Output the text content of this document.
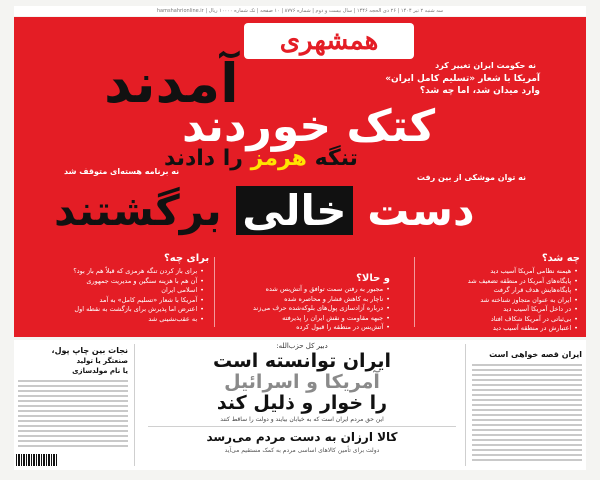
سه شنبه ۲ تیر ۱۴۰۴ | ۲۶ ذی الحجه ۱۴۴۶ | سال بیست و دوم | شماره ۸۷۷۶ | ۱۰ صفحه | تک شماره ۱۰۰۰۰ ریال | hamshahrionline.ir
همشهری
نه حکومت ایران تغییر کرد
آمریکا با شعار «تسلیم کامل ایران»
وارد میدان شد، اما چه شد؟
آمدند
کتک خوردند
تنگه هرمز را دادند
نه برنامه هسته‌ای متوقف شد
نه توان موشکی از بین رفت
دست خالی برگشتند
چه شد؟
• هیمنه نظامی آمریکا آسیب دید
• پایگاه‌های آمریکا در منطقه تضعیف شد
• پایگاه‌هایش هدف قرار گرفت
• ایران به عنوان متجاوز شناخته شد
• در داخل آمریکا آسیب دید
• بی‌ثباتی در آمریکا شکاف افتاد
• اعتبارش در منطقه آسیب دید
و حالا؟
• مجبور به رفتن سمت توافق و آتش‌بس شده
• ناچار به کاهش فشار و محاصره شده
• درباره آزادسازی پول‌های بلوکه‌شده حرف می‌زند
• جبهه مقاومت و نقش ایران را پذیرفته
• آتش‌بس در منطقه را قبول کرده
برای چه؟
• برای باز کردن تنگه هرمزی که قبلاً هم باز بود؟
• آن هم با هزینه سنگین و مدیریت جمهوری
• اسلامی ایران
• آمریکا با شعار «تسلیم کامل» به آمد
• اعترض اما پذیرش برای بازگشت به نقطه اول
• به عقب‌نشینی شد
ایران قصه خواهی است
دبیر کل حزب‌الله:
ایران توانسته است
آمریکا و اسرائیل
را خوار و ذلیل کند
این حق مردم ایران است که به خیابان بیایند و دولت را ساقط کنند
کالا ارزان به دست مردم می‌رسد
دولت برای تأمین کالاهای اساسی مردم به کمک مستقیم می‌آید
نجات بین چاپ پول،
صنعتگر یا تولید
یا نام مولدسازی
